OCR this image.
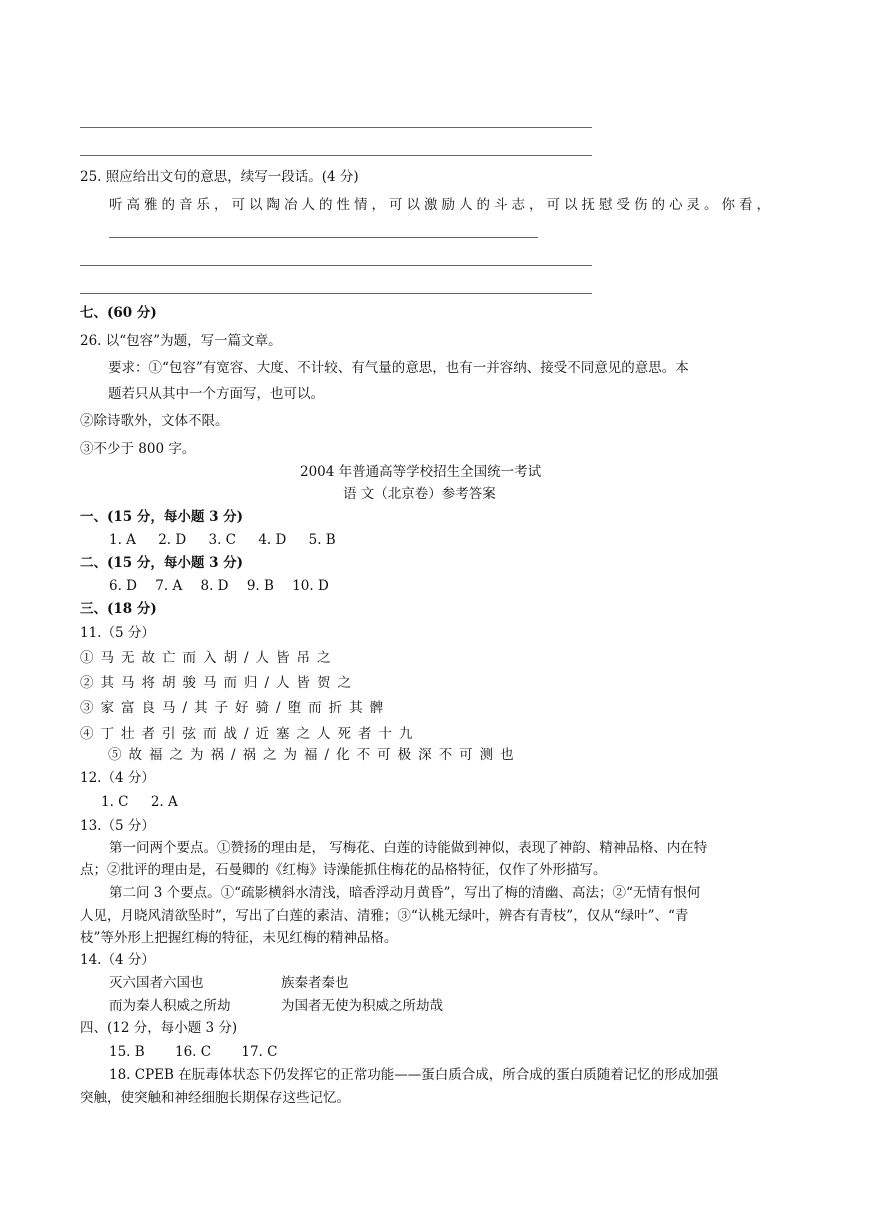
25. 照应给出文句的意思，续写一段话。(4 分)
听高雅的音乐，可以陶冶人的性情，可以激励人的斗志，可以抚慰受伤的心灵。你看，
七、(60 分)
26. 以“包容”为题，写一篇文章。
要求：①“包容”有宽容、大度、不计较、有气量的意思，也有一并容纳、接受不同意见的意思。本
题若只从其中一个方面写，也可以。
②除诗歌外，文体不限。
③不少于 800 字。
2004 年普通高等学校招生全国统一考试
语 文（北京卷）参考答案
一、(15 分，每小题 3 分)
1. A 2. D 3. C 4. D 5. B
二、(15 分，每小题 3 分)
6. D 7. A 8. D 9. B 10. D
三、(18 分)
11.（5 分）
①马无故亡而入胡/人皆吊之
②其马将胡骏马而归/人皆贺之
③家富良马/其子好骑/堕而折其髀
④丁壮者引弦而战/近塞之人死者十九
⑤故福之为祸/祸之为福/化不可极深不可测也
12.（4 分）
1. C 2. A
13.（5 分）
第一问两个要点。①赞扬的理由是， 写梅花、白莲的诗能做到神似，表现了神韵、精神品格、内在特
点；②批评的理由是，石曼卿的《红梅》诗澡能抓住梅花的品格特征，仅作了外形描写。
第二问 3 个要点。①“疏影横斜水清浅，暗香浮动月黄昏”，写出了梅的清幽、高法；②“无情有恨何
人见，月晓风清欲坠时”，写出了白莲的素洁、清雅；③“认桃无绿叶，辨杏有青枝”，仅从“绿叶”、“青
枝”等外形上把握红梅的特征，未见红梅的精神品格。
14.（4 分）
灭六国者六国也	族秦者秦也
而为秦人积威之所劫	为国者无使为积威之所劫哉
四、(12 分，每小题 3 分)
15. B 16. C 17. C
18. CPEB 在朊毒体状态下仍发挥它的正常功能——蛋白质合成，所合成的蛋白质随着记忆的形成加强
突触，使突触和神经细胞长期保存这些记忆。
